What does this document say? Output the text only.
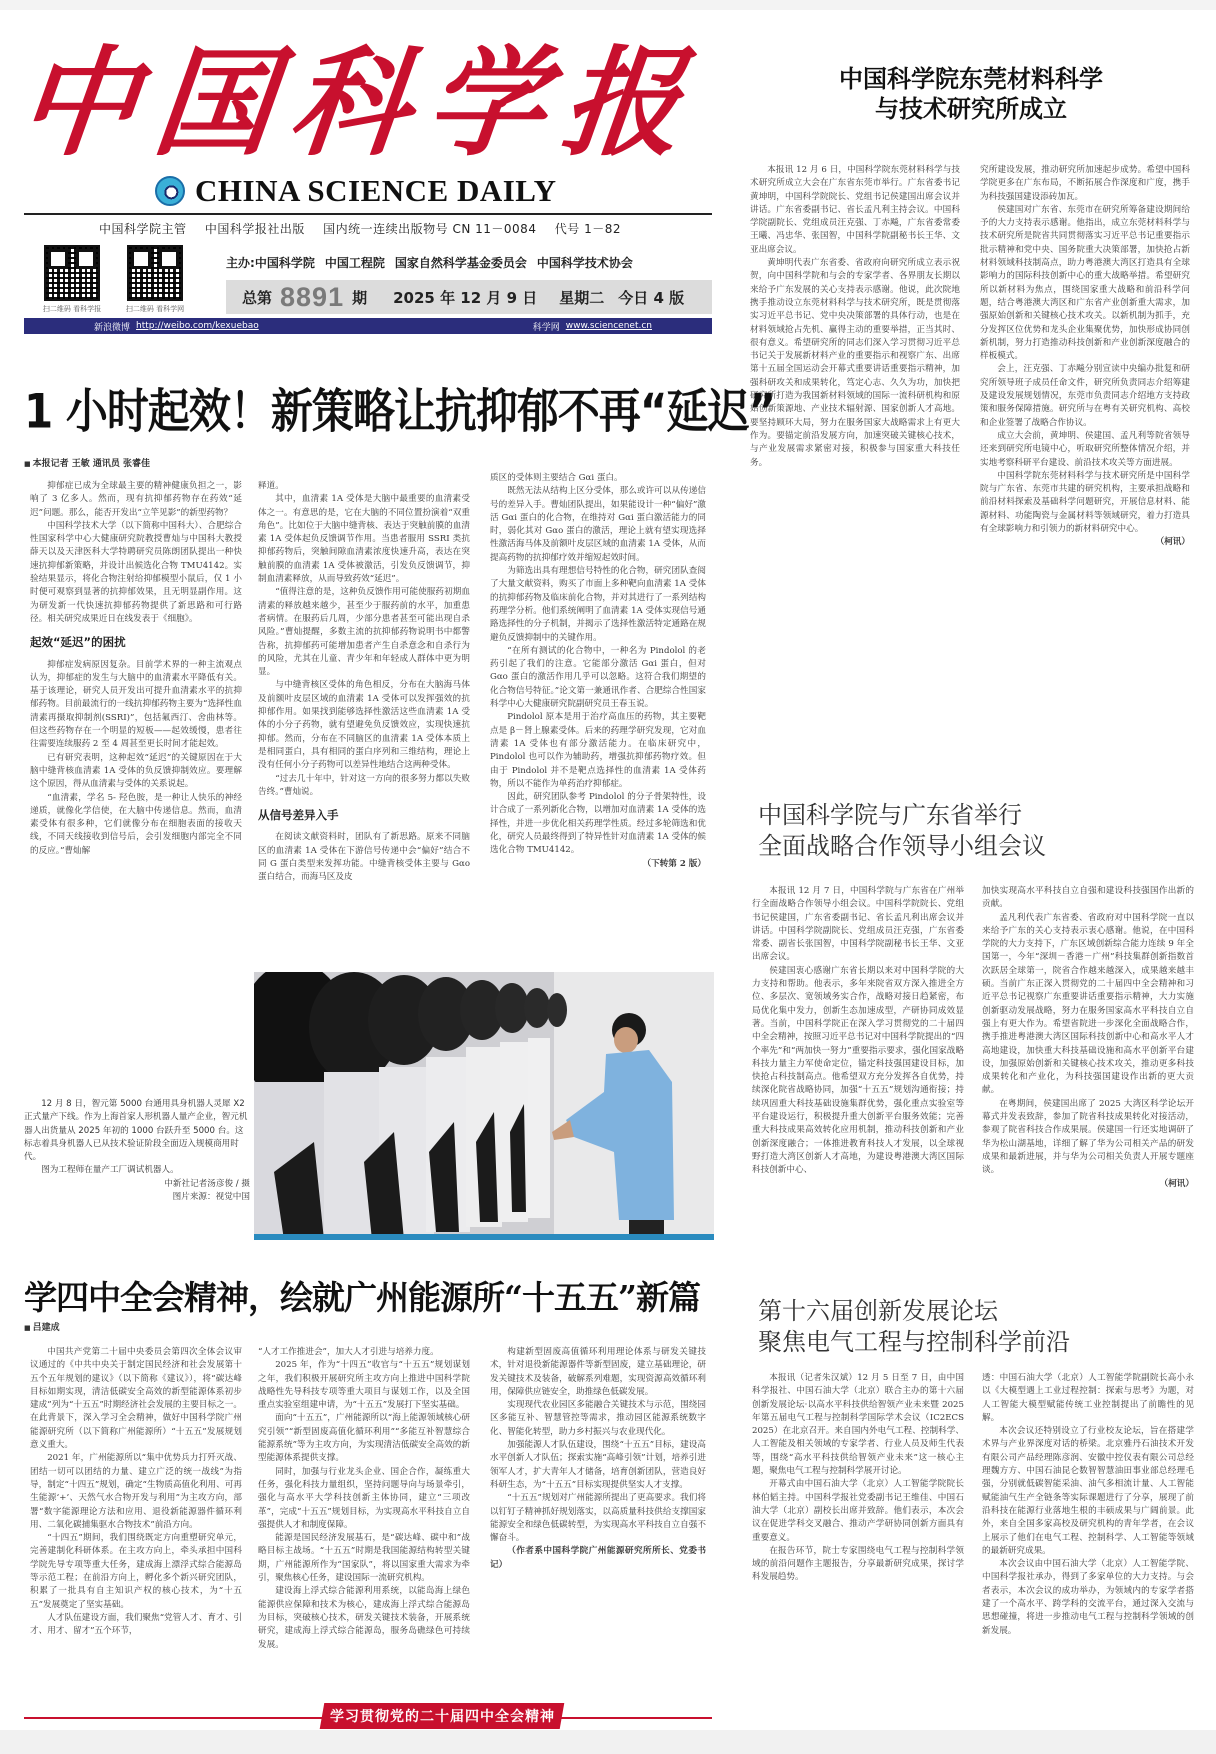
中 国 科 学 报
CHINA SCIENCE DAILY
中国科学院主管 中国科学报社出版 国内统一连续出版物号 CN 11－0084 代号 1－82
扫二维码 看科学报	扫二维码 看科学网
主办:中国科学院 中国工程院 国家自然科学基金委员会 中国科学技术协会
总第 8891 期 2025 年 12 月 9 日 星期二 今日 4 版
新浪微博 http://weibo.com/kexuebao	科学网 www.sciencenet.cn
中国科学院东莞材料科学
与技术研究所成立

本报讯 12 月 6 日，中国科学院东莞材料科学与技术研究所成立大会在广东省东莞市举行。广东省委书记黄坤明，中国科学院院长、党组书记侯建国出席会议并讲话。广东省委副书记、省长孟凡利主持会议。中国科学院副院长、党组成员汪克强、丁赤飚，广东省委常委王曦、冯忠华、张国智，中国科学院副秘书长王华、文亚出席会议。

黄坤明代表广东省委、省政府向研究所成立表示祝贺，向中国科学院和与会的专家学者、各界朋友长期以来给予广东发展的关心支持表示感谢。他说，此次院地携手推动设立东莞材料科学与技术研究所，既是贯彻落实习近平总书记、党中央决策部署的具体行动，也是在材料领域抢占先机、赢得主动的重要举措，正当其时、很有意义。希望研究所的同志们深入学习贯彻习近平总书记关于发展新材料产业的重要指示和视察广东、出席第十五届全国运动会开幕式重要讲话重要指示精神，加强科研攻关和成果转化，笃定心志、久久为功，加快把研究所打造为我国新材料领域的国际一流科研机构和原始创新策源地、产业技术辐射源、国家创新人才高地。要坚持顾环大局，努力在服务国家大战略需求上有更大作为。要锚定前沿发展方向，加速突破关键核心技术，与产业发展需求紧密对接，积极参与国家重大科技任务。

究所建设发展，推动研究所加速起步成势。希望中国科学院更多在广东布局，不断拓展合作深度和广度，携手为科技强国建设添砖加瓦。

侯建国对广东省、东莞市在研究所筹备建设期间给予的大力支持表示感谢。他指出，成立东莞材料科学与技术研究所是院省共同贯彻落实习近平总书记重要指示批示精神和党中央、国务院重大决策部署，加快抢占新材料领域科技制高点，助力粤港澳大湾区打造具有全球影响力的国际科技创新中心的重大战略举措。希望研究所以新材料为焦点，围绕国家重大战略和前沿科学问题，结合粤港澳大湾区和广东省产业创新重大需求，加强原始创新和关键核心技术攻关。以新机制为抓手，充分发挥区位优势和龙头企业集聚优势，加快形成协同创新机制，努力打造推动科技创新和产业创新深度融合的样板模式。

会上，汪克强、丁赤飚分别宣读中央编办批复和研究所领导班子成员任命文件，研究所负责同志介绍筹建及建设发展规划情况，东莞市负责同志介绍地方支持政策和服务保障措施。研究所与在粤有关研究机构、高校和企业签署了战略合作协议。

成立大会前，黄坤明、侯建国、孟凡利等院省领导还来到研究所电镜中心，听取研究所整体情况介绍，并实地考察科研平台建设、前沿技术攻关等方面进展。

中国科学院东莞材料科学与技术研究所是中国科学院与广东省、东莞市共建的研究机构，主要承担战略和前沿材料探索及基础科学问题研究，开展信息材料、能源材料、功能陶瓷与金属材料等领域研究，着力打造具有全球影响力和引领力的新材料研究中心。

（柯讯）

1 小时起效！新策略让抗抑郁不再“延迟”
■ 本报记者 王敏 通讯员 张睿佳

抑郁症已成为全球最主要的精神健康负担之一，影响了 3 亿多人。然而，现有抗抑郁药物存在药效“延迟”问题。那么，能否开发出“立竿见影”的新型药物？

中国科学技术大学（以下简称中国科大）、合肥综合性国家科学中心大健康研究院教授曹灿与中国科大教授薛天以及天津医科大学特聘研究员陈朗团队提出一种快速抗抑郁新策略，并设计出候选化合物 TMU4142。实验结果显示，将化合物注射给抑郁模型小鼠后，仅 1 小时便可观察到显著的抗抑郁效果，且无明显副作用。这为研发新一代快速抗抑郁药物提供了新思路和可行路径。相关研究成果近日在线发表于《细胞》。

起效“延迟”的困扰

抑郁症发病原因复杂。目前学术界的一种主流观点认为，抑郁症的发生与大脑中的血清素水平降低有关。基于该理论，研究人员开发出可提升血清素水平的抗抑郁药物。目前最流行的一线抗抑郁药物主要为“选择性血清素再摄取抑制剂(SSRI)”，包括氟西汀、舍曲林等。但这些药物存在一个明显的短板——起效缓慢，患者往往需要连续服药 2 至 4 周甚至更长时间才能起效。

已有研究表明，这种起效“延迟”的关键原因在于大脑中缝背核血清素 1A 受体的负反馈抑制效应。要理解这个原因，得从血清素与受体的关系说起。

“血清素，学名 5- 羟色胺，是一种让人快乐的神经递质，就像化学信使，在大脑中传递信息。然而，血清素受体有很多种，它们就像分布在细胞表面的接收天线，不同天线接收到信号后，会引发细胞内部完全不同的反应。”曹灿解

释道。

其中，血清素 1A 受体是大脑中最重要的血清素受体之一。有意思的是，它在大脑的不同位置扮演着“双重角色”。比如位于大脑中缝背核、表达于突触前膜的血清素 1A 受体起负反馈调节作用。当患者服用 SSRI 类抗抑郁药物后，突触间隙血清素浓度快速升高，表达在突触前膜的血清素 1A 受体被激活，引发负反馈调节，抑制血清素释放，从而导致药效“延迟”。

“值得注意的是，这种负反馈作用可能使服药初期血清素的释放越来越少，甚至少于服药前的水平，加重患者病情。在服药后几周，少部分患者甚至可能出现自杀风险。”曹灿提醒，多数主流的抗抑郁药物说明书中都警告称，抗抑郁药可能增加患者产生自杀意念和自杀行为的风险，尤其在儿童、青少年和年轻成人群体中更为明显。

与中缝背核区受体的角色相反，分布在大脑海马体及前额叶皮层区域的血清素 1A 受体可以发挥强效的抗抑郁作用。如果找到能够选择性激活这些血清素 1A 受体的小分子药物，就有望避免负反馈效应，实现快速抗抑郁。然而，分布在不同脑区的血清素 1A 受体本质上是相同蛋白，具有相同的蛋白序列和三维结构，理论上没有任何小分子药物可以差异性地结合这两种受体。

“过去几十年中，针对这一方向的很多努力都以失败告终。”曹灿说。

从信号差异入手

在阅读文献资料时，团队有了新思路。原来不同脑区的血清素 1A 受体在下游信号传递中会“偏好”结合不同 G 蛋白类型来发挥功能。中缝背核受体主要与 Gαo 蛋白结合，而海马区及皮

质区的受体则主要结合 Gαi 蛋白。

既然无法从结构上区分受体，那么或许可以从传递信号的差异入手。曹灿团队提出，如果能设计一种“偏好”激活 Gαi 蛋白的化合物，在维持对 Gαi 蛋白激活能力的同时，弱化其对 Gαo 蛋白的激活，理论上就有望实现选择性激活海马体及前额叶皮层区域的血清素 1A 受体，从而提高药物的抗抑郁疗效并缩短起效时间。

为筛选出具有理想信号特性的化合物，研究团队查阅了大量文献资料，购买了市面上多种靶向血清素 1A 受体的抗抑郁药物及临床前化合物，并对其进行了一系列结构药理学分析。他们系统阐明了血清素 1A 受体实现信号通路选择性的分子机制，并揭示了选择性激活特定通路在规避负反馈抑制中的关键作用。

“在所有测试的化合物中，一种名为 Pindolol 的老药引起了我们的注意。它能部分激活 Gαi 蛋白，但对 Gαo 蛋白的激活作用几乎可以忽略。这符合我们期望的化合物信号特征。”论文第一兼通讯作者、合肥综合性国家科学中心大健康研究院副研究员王春玉说。

Pindolol 原本是用于治疗高血压的药物，其主要靶点是 β－肾上腺素受体。后来的药理学研究发现，它对血清素 1A 受体也有部分激活能力。在临床研究中，Pindolol 也可以作为辅助药，增强抗抑郁药物疗效。但由于 Pindolol 并不是靶点选择性的血清素 1A 受体药物，所以不能作为单药治疗抑郁症。

因此，研究团队参考 Pindolol 的分子骨架特性，设计合成了一系列新化合物，以增加对血清素 1A 受体的选择性，并进一步优化相关药理学性质。经过多轮筛选和优化，研究人员最终得到了特异性针对血清素 1A 受体的候选化合物 TMU4142。

（下转第 2 版）

12 月 8 日，智元第 5000 台通用具身机器人灵犀 X2 正式量产下线。作为上海首家人形机器人量产企业，智元机器人出货量从 2025 年初的 1000 台跃升至 5000 台。这标志着具身机器人已从技术验证阶段全面迈入规模商用时代。

图为工程师在量产工厂调试机器人。

中新社记者汤彦俊 / 摄
图片来源：视觉中国
中国科学院与广东省举行
全面战略合作领导小组会议

本报讯 12 月 7 日，中国科学院与广东省在广州举行全面战略合作领导小组会议。中国科学院院长、党组书记侯建国，广东省委副书记、省长孟凡利出席会议并讲话。中国科学院副院长、党组成员汪克强，广东省委常委、副省长张国智，中国科学院副秘书长王华、文亚出席会议。

侯建国衷心感谢广东省长期以来对中国科学院的大力支持和帮助。他表示，多年来院省双方深入推进全方位、多层次、宽领域务实合作，战略对接日趋紧密，布局优化集中发力，创新生态加速成型，产研协同成效显著。当前，中国科学院正在深入学习贯彻党的二十届四中全会精神，按照习近平总书记对中国科学院提出的“四个率先”和“两加快一努力”重要指示要求，强化国家战略科技力量主力军使命定位，锚定科技强国建设目标，加快抢占科技制高点。他希望双方充分发挥各自优势，持续深化院省战略协同，加强“十五五”规划沟通衔接；持续巩固重大科技基础设施集群优势，强化重点实验室等平台建设运行，积极提升重大创新平台服务效能；完善重大科技成果高效转化应用机制，推动科技创新和产业创新深度融合；一体推进教育科技人才发展，以全球视野打造大湾区创新人才高地，为建设粤港澳大湾区国际科技创新中心、

加快实现高水平科技自立自强和建设科技强国作出新的贡献。

孟凡利代表广东省委、省政府对中国科学院一直以来给予广东的关心支持表示衷心感谢。他说，在中国科学院的大力支持下，广东区域创新综合能力连续 9 年全国第一，今年“深圳－香港－广州”科技集群创新指数首次跃居全球第一，院省合作越来越深入，成果越来越丰硕。当前广东正深入贯彻党的二十届四中全会精神和习近平总书记视察广东重要讲话重要指示精神，大力实施创新驱动发展战略，努力在服务国家高水平科技自立自强上有更大作为。希望省院进一步深化全面战略合作，携手推进粤港澳大湾区国际科技创新中心和高水平人才高地建设，加快重大科技基础设施和高水平创新平台建设，加强原始创新和关键核心技术攻关，推动更多科技成果转化和产业化，为科技强国建设作出新的更大贡献。

在粤期间，侯建国出席了 2025 大湾区科学论坛开幕式并发表致辞，参加了院省科技成果转化对接活动，参观了院省科技合作成果展。侯建国一行还实地调研了华为松山湖基地，详细了解了华为公司相关产品的研发成果和最新进展，并与华为公司相关负责人开展专题座谈。

（柯讯）

学四中全会精神，绘就广州能源所“十五五”新篇
■ 吕建成

中国共产党第二十届中央委员会第四次全体会议审议通过的《中共中央关于制定国民经济和社会发展第十五个五年规划的建议》（以下简称《建议》），将“碳达峰目标如期实现，清洁低碳安全高效的新型能源体系初步建成”列为“十五五”时期经济社会发展的主要目标之一。在此背景下，深入学习全会精神，做好中国科学院广州能源研究所（以下简称广州能源所）“十五五”发展规划意义重大。

2021 年，广州能源所以“集中优势兵力打歼灭战、团结一切可以团结的力量、建立广泛的统一战线”为指导，制定“十四五”规划，确定“生物质高值化利用、可再生能源‘+’、天然气水合物开发与利用”为主攻方向，部署“数字能源理论方法和应用、退役新能源器件循环利用、二氧化碳捕集驱水合物技术”前沿方向。

“十四五”期间，我们围绕既定方向重塑研究单元，完善建制化科研体系。在主攻方向上，牵头承担中国科学院先导专项等重大任务，建成海上漂浮式综合能源岛等示范工程；在前沿方向上，孵化多个新兴研究团队，积累了一批具有自主知识产权的核心技术，为“十五五”发展奠定了坚实基础。

人才队伍建设方面，我们聚焦“党管人才、育才、引才、用才、留才”五个环节，

“人才工作推进会”，加大人才引进与培养力度。

2025 年，作为“十四五”收官与“十五五”规划谋划之年，我们积极开展研究所主攻方向上推进中国科学院战略性先导科技专项等重大项目与谋划工作，以及全国重点实验室组建申请，为“十五五”发展打下坚实基础。

面向“十五五”，广州能源所以“海上能源领域核心研究引领”“新型固废高值化循环利用”“多能互补智慧综合能源系统”等为主攻方向，为实现清洁低碳安全高效的新型能源体系提供支撑。

同时，加强与行业龙头企业、国企合作，凝练重大任务，强化科技力量组织，坚持问题导向与场景牵引，强化与高水平大学科技创新主体协同，建立“三项改革”，完成“十五五”规划目标，为实现高水平科技自立自强提供人才和制度保障。

能源是国民经济发展基石，是“碳达峰、碳中和”战略目标主战场。“十五五”时期是我国能源结构转型关键期，广州能源所作为“国家队”，将以国家重大需求为牵引，聚焦核心任务，建设国际一流研究机构。

建设海上浮式综合能源利用系统，以能岛海上绿色能源供应保障和技术为核心，建成海上浮式综合能源岛为目标，突破核心技术，研发关键技术装备，开展系统研究，建成海上浮式综合能源岛，服务岛礁绿色可持续发展。

构建新型固废高值循环利用理论体系与研发关键技术，针对退役新能源器件等新型固废，建立基础理论，研发关键技术及装备，破解系列难题，实现资源高效循环利用，保障供应链安全，助推绿色低碳发展。

实现现代农业园区多能融合关键技术与示范，围绕园区多能互补、智慧管控等需求，推动园区能源系统数字化、智能化转型，助力乡村振兴与农业现代化。

加强能源人才队伍建设，围绕“十五五”目标，建设高水平创新人才队伍；探索实施“高峰引领”计划，培养引进领军人才，扩大青年人才储备，培育创新团队，营造良好科研生态，为“十五五”目标实现提供坚实人才支撑。

“十五五”规划对广州能源所提出了更高要求。我们将以钉钉子精神抓好规划落实，以高质量科技供给支撑国家能源安全和绿色低碳转型，为实现高水平科技自立自强不懈奋斗。

（作者系中国科学院广州能源研究所所长、党委书记）

第十六届创新发展论坛
聚焦电气工程与控制科学前沿

本报讯（记者朱汉斌）12 月 5 日至 7 日，由中国科学报社、中国石油大学（北京）联合主办的第十六届创新发展论坛·以高水平科技供给智领产业未来暨 2025 年第五届电气工程与控制科学国际学术会议（IC2ECS 2025）在北京召开。来自国内外电气工程、控制科学、人工智能及相关领域的专家学者、行业人员及师生代表等，围绕“高水平科技供给智领产业未来”这一核心主题，聚焦电气工程与控制科学展开讨论。

开幕式由中国石油大学（北京）人工智能学院院长林伯韬主持。中国科学报社党委副书记王维佳、中国石油大学（北京）副校长出席并致辞。他们表示，本次会议在促进学科交叉融合、推动产学研协同创新方面具有重要意义。

在报告环节，院士专家围绕电气工程与控制科学领域的前沿问题作主题报告，分享最新研究成果，探讨学科发展趋势。

透：中国石油大学（北京）人工智能学院副院长高小永以《大模型遇上工业过程控制：探索与思考》为题，对人工智能大模型赋能传统工业控制提出了前瞻性的见解。

本次会议还特别设立了行业校友论坛，旨在搭建学术界与产业界深度对话的桥梁。北京雅丹石油技术开发有限公司产品经理陈彦润、安徽中控仪表有限公司总经理魏方方、中国石油昆仑数智智慧油田事业部总经理毛强，分别就低碳智能采油、油气多相流计量、人工智能赋能油气生产全链条等实际课题进行了分享，展现了前沿科技在能源行业落地生根的丰硕成果与广阔前景。此外，来自全国多家高校及研究机构的青年学者，在会议上展示了他们在电气工程、控制科学、人工智能等领域的最新研究成果。

本次会议由中国石油大学（北京）人工智能学院、中国科学报社承办，得到了多家单位的大力支持。与会者表示，本次会议的成功举办，为领域内的专家学者搭建了一个高水平、跨学科的交流平台，通过深入交流与思想碰撞，将进一步推动电气工程与控制科学领域的创新发展。

学习贯彻党的二十届四中全会精神
